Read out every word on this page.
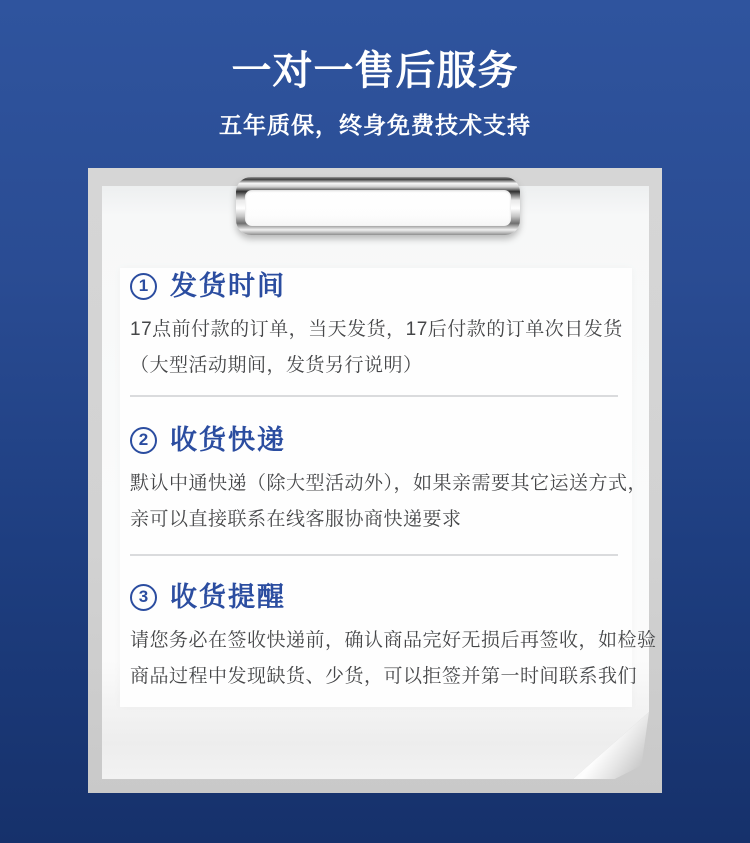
一对一售后服务
五年质保，终身免费技术支持
1 发货时间

17点前付款的订单，当天发货，17后付款的订单次日发货

（大型活动期间，发货另行说明）

2 收货快递

默认中通快递（除大型活动外），如果亲需要其它运送方式，

亲可以直接联系在线客服协商快递要求

3 收货提醒

请您务必在签收快递前，确认商品完好无损后再签收，如检验

商品过程中发现缺货、少货，可以拒签并第一时间联系我们
